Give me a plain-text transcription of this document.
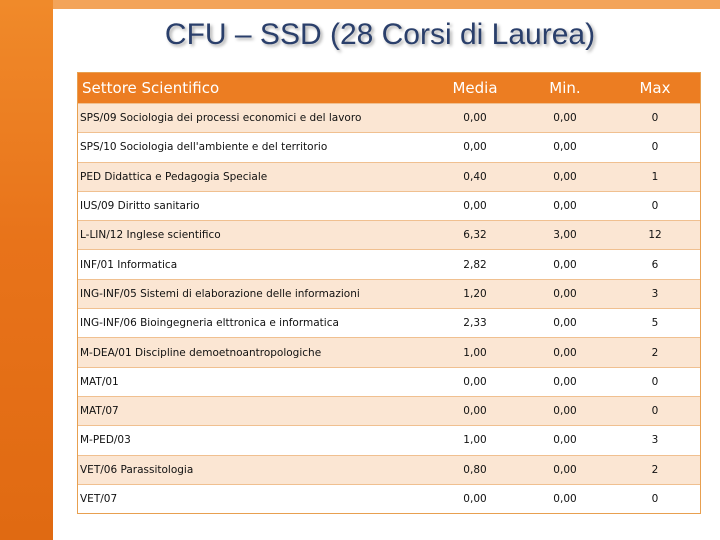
CFU – SSD (28 Corsi di Laurea)
Settore Scientifico	Media	Min.	Max
SPS/09 Sociologia dei processi economici e del lavoro	0,00	0,00	0
SPS/10 Sociologia dell'ambiente e del territorio	0,00	0,00	0
PED Didattica e Pedagogia Speciale	0,40	0,00	1
IUS/09 Diritto sanitario	0,00	0,00	0
L-LIN/12 Inglese scientifico	6,32	3,00	12
INF/01 Informatica	2,82	0,00	6
ING-INF/05 Sistemi di elaborazione delle informazioni	1,20	0,00	3
ING-INF/06 Bioingegneria elttronica e informatica	2,33	0,00	5
M-DEA/01 Discipline demoetnoantropologiche	1,00	0,00	2
MAT/01	0,00	0,00	0
MAT/07	0,00	0,00	0
M-PED/03	1,00	0,00	3
VET/06 Parassitologia	0,80	0,00	2
VET/07	0,00	0,00	0
